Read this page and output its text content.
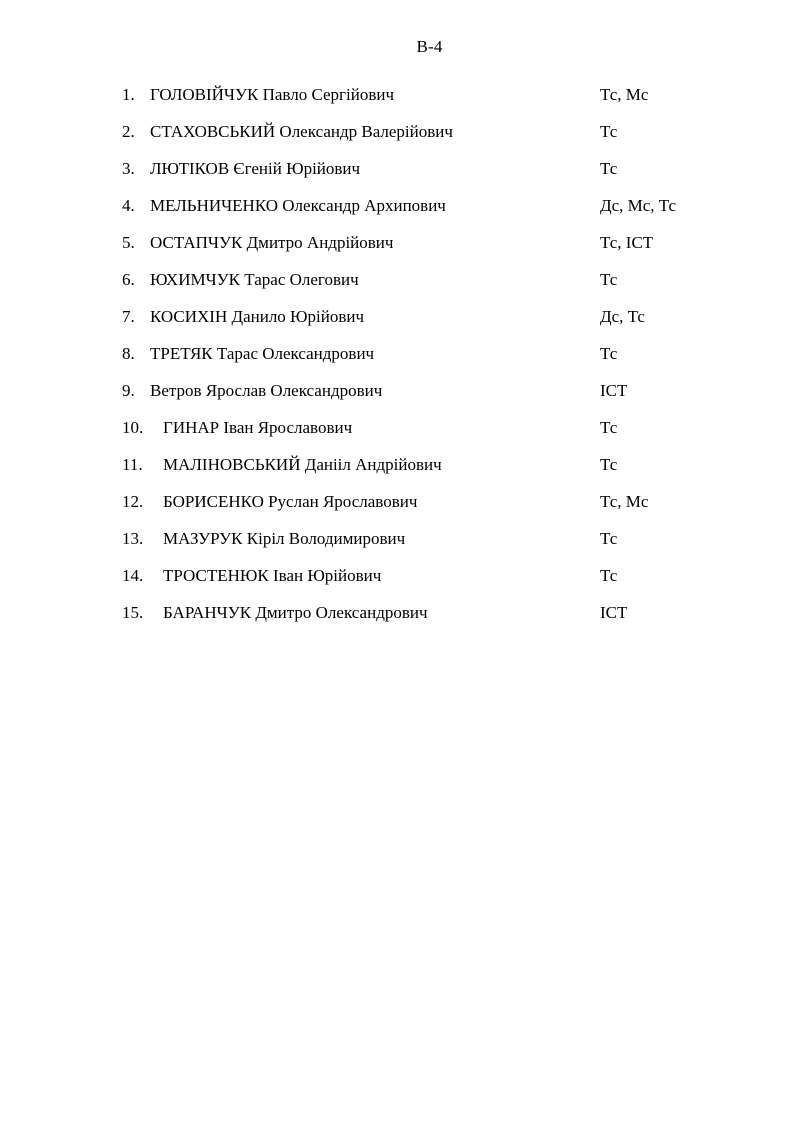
В-4
1. ГОЛОВІЙЧУК Павло Сергійович	Тс, Мс
2. СТАХОВСЬКИЙ Олександр Валерійович	Тс
3. ЛЮТІКОВ Єгеній Юрійович	Тс
4. МЕЛЬНИЧЕНКО Олександр Архипович	Дс, Мс, Тс
5. ОСТАПЧУК Дмитро Андрійович	Тс, ІСТ
6. ЮХИМЧУК Тарас Олегович	Тс
7. КОСИХІН Данило Юрійович	Дс, Тс
8. ТРЕТЯК Тарас Олександрович	Тс
9. Ветров Ярослав Олександрович	ІСТ
10. ГИНАР Іван Ярославович	Тс
11. МАЛІНОВСЬКИЙ Данііл Андрійович	Тс
12. БОРИСЕНКО Руслан Ярославович	Тс, Мс
13. МАЗУРУК Кіріл Володимирович	Тс
14. ТРОСТЕНЮК Іван Юрійович	Тс
15. БАРАНЧУК Дмитро Олександрович	ІСТ
